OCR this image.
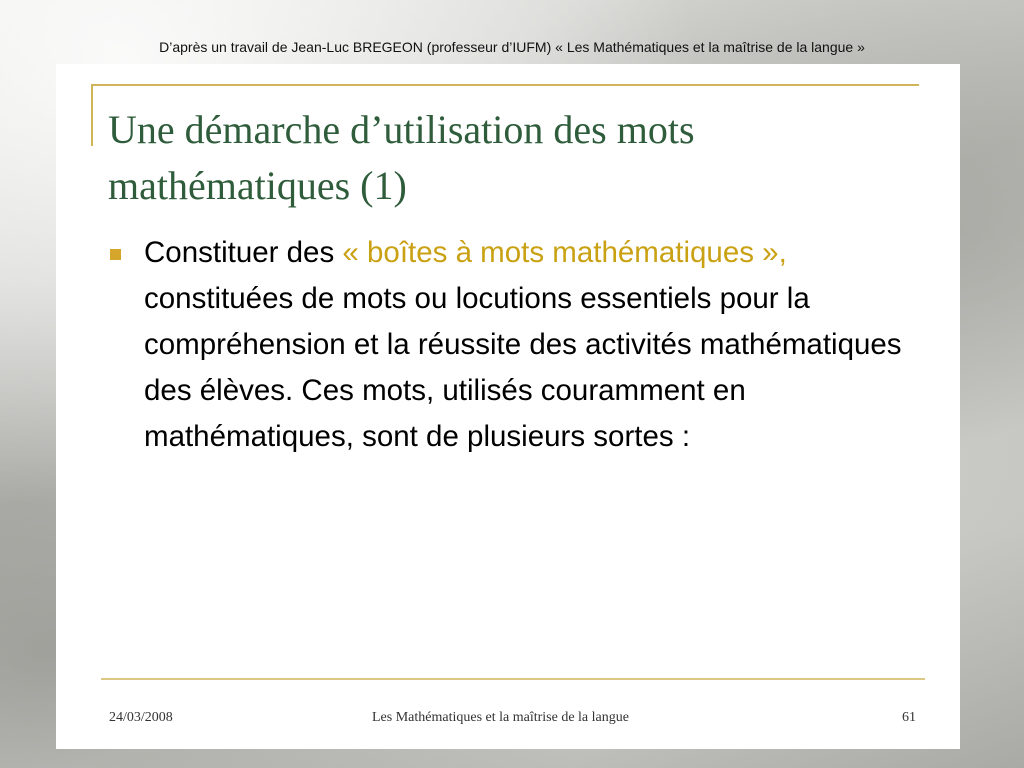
D’après un travail de Jean-Luc BREGEON (professeur d’IUFM) « Les Mathématiques et la maîtrise de la langue »
Une démarche d’utilisation des mots mathématiques (1)

Constituer des « boîtes à mots mathématiques », constituées de mots ou locutions essentiels pour la compréhension et la réussite des activités mathématiques des élèves. Ces mots, utilisés couramment en mathématiques, sont de plusieurs sortes :

24/03/2008	Les Mathématiques et la maîtrise de la langue	61
